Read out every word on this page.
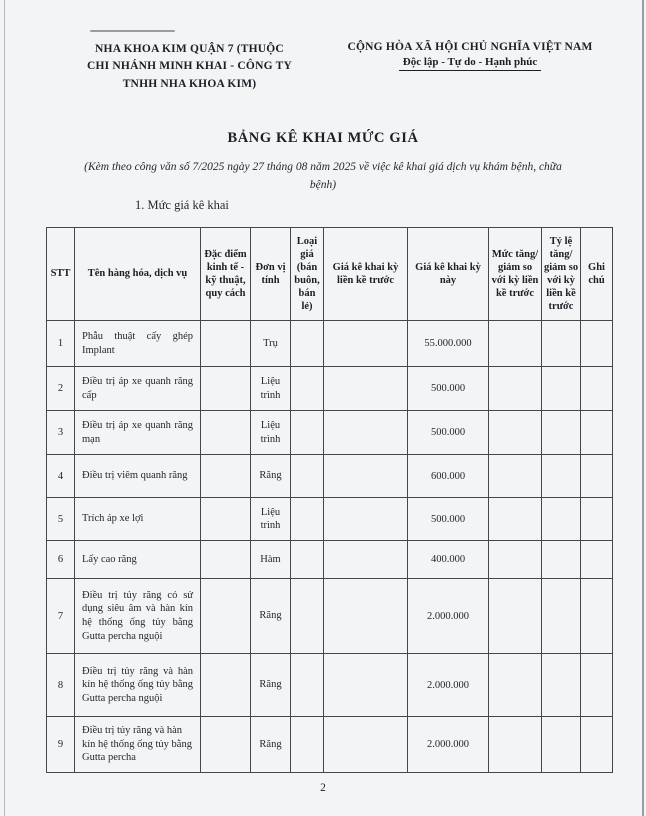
NHA KHOA KIM QUẬN 7 (THUỘC
CHI NHÁNH MINH KHAI - CÔNG TY
TNHH NHA KHOA KIM)
CỘNG HÒA XÃ HỘI CHỦ NGHĨA VIỆT NAM
Độc lập - Tự do - Hạnh phúc
BẢNG KÊ KHAI MỨC GIÁ
(Kèm theo công văn số 7/2025 ngày 27 tháng 08 năm 2025 về việc kê khai giá dịch vụ khám bệnh, chữa bệnh)
1. Mức giá kê khai
STT	Tên hàng hóa, dịch vụ	Đặc điểm kinh tế - kỹ thuật, quy cách	Đơn vị tính	Loại giá (bán buôn, bán lẻ)	Giá kê khai kỳ liền kề trước	Giá kê khai kỳ này	Mức tăng/ giảm so với kỳ liền kề trước	Tỷ lệ tăng/ giảm so với kỳ liền kề trước	Ghi chú
1	Phẫu thuật cấy ghép Implant		Trụ			55.000.000			
2	Điều trị áp xe quanh răng cấp		Liệu trình			500.000			
3	Điều trị áp xe quanh răng mạn		Liệu trình			500.000			
4	Điều trị viêm quanh răng		Răng			600.000			
5	Trích áp xe lợi		Liệu trình			500.000			
6	Lấy cao răng		Hàm			400.000			
7	Điều trị tủy răng có sử dụng siêu âm và hàn kín hệ thống ống tủy bằng Gutta percha nguội		Răng			2.000.000			
8	Điều trị tủy răng và hàn kín hệ thống ống tủy bằng Gutta percha nguội		Răng			2.000.000			
9	Điều trị tủy răng và hàn kín hệ thống ống tủy bằng Gutta percha		Răng			2.000.000			
2
